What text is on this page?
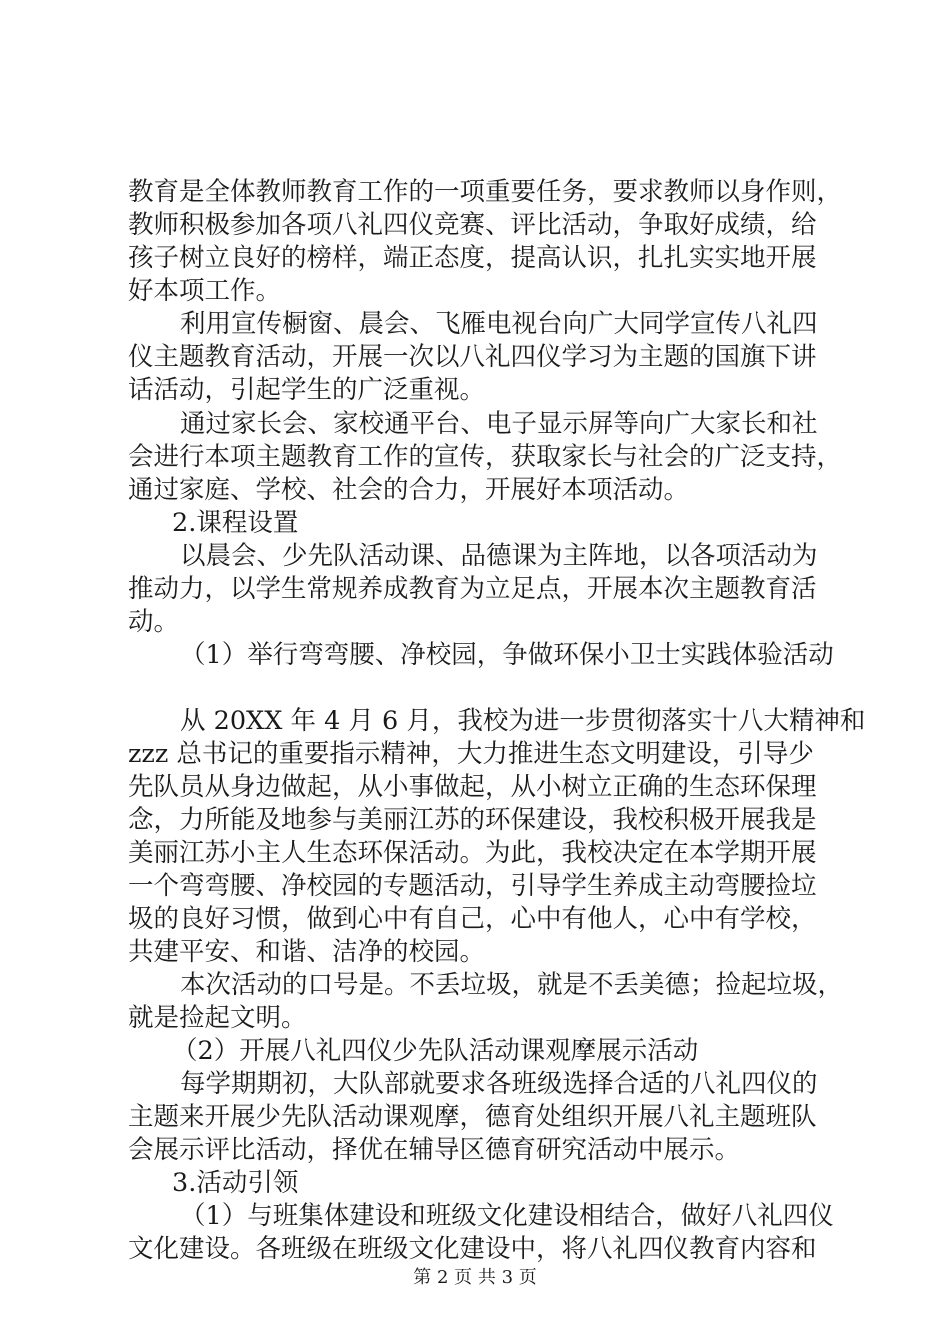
教育是全体教师教育工作的一项重要任务，要求教师以身作则，
教师积极参加各项八礼四仪竞赛、评比活动，争取好成绩，给
孩子树立良好的榜样，端正态度，提高认识，扎扎实实地开展
好本项工作。
利用宣传橱窗、晨会、飞雁电视台向广大同学宣传八礼四
仪主题教育活动，开展一次以八礼四仪学习为主题的国旗下讲
话活动，引起学生的广泛重视。
通过家长会、家校通平台、电子显示屏等向广大家长和社
会进行本项主题教育工作的宣传，获取家长与社会的广泛支持，
通过家庭、学校、社会的合力，开展好本项活动。
2.课程设置
以晨会、少先队活动课、品德课为主阵地，以各项活动为
推动力，以学生常规养成教育为立足点，开展本次主题教育活
动。
（1）举行弯弯腰、净校园，争做环保小卫士实践体验活动
从 20XX 年 4 月 6 月，我校为进一步贯彻落实十八大精神和
zzz 总书记的重要指示精神，大力推进生态文明建设，引导少
先队员从身边做起，从小事做起，从小树立正确的生态环保理
念，力所能及地参与美丽江苏的环保建设，我校积极开展我是
美丽江苏小主人生态环保活动。为此，我校决定在本学期开展
一个弯弯腰、净校园的专题活动，引导学生养成主动弯腰捡垃
圾的良好习惯，做到心中有自己，心中有他人，心中有学校，
共建平安、和谐、洁净的校园。
本次活动的口号是。不丢垃圾，就是不丢美德；捡起垃圾，
就是捡起文明。
（2）开展八礼四仪少先队活动课观摩展示活动
每学期期初，大队部就要求各班级选择合适的八礼四仪的
主题来开展少先队活动课观摩，德育处组织开展八礼主题班队
会展示评比活动，择优在辅导区德育研究活动中展示。
3.活动引领
（1）与班集体建设和班级文化建设相结合，做好八礼四仪
文化建设。各班级在班级文化建设中，将八礼四仪教育内容和
第 2 页 共 3 页
